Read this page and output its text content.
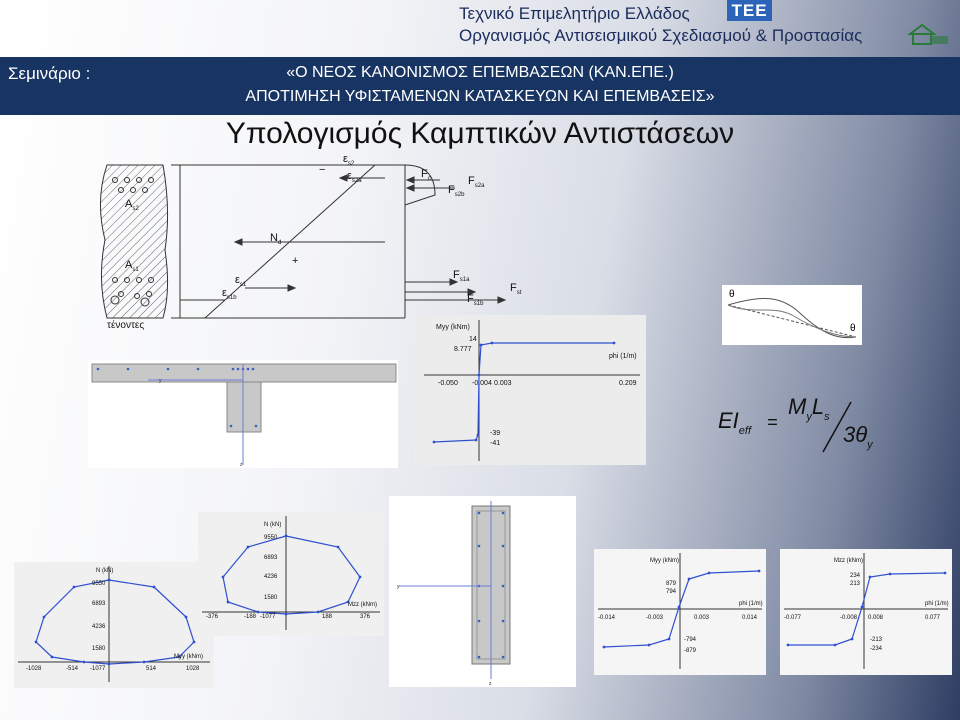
Τεχνικό Επιμελητήριο Ελλάδος ΤΕΕ
Οργανισμός Αντισεισμικού Σχεδιασμού & Προστασίας
Σεμινάριο :	«Ο ΝΕΟΣ ΚΑΝΟΝΙΣΜΟΣ ΕΠΕΜΒΑΣΕΩΝ (ΚΑΝ.ΕΠΕ.)
ΑΠΟΤΙΜΗΣΗ ΥΦΙΣΤΑΜΕΝΩΝ ΚΑΤΑΣΚΕΥΩΝ ΚΑΙ ΕΠΕΜΒΑΣΕΙΣ»
Υπολογισμός Καμπτικών Αντιστάσεων
$\varepsilon_{s2}$
− $\varepsilon_{s2a}$
$F_c$
$F_{s2b}$
$F_{s2a}$
$A_{s2}$
$N_d$
$A_{s1}$
+
$\varepsilon_{s1}$
$\varepsilon_{s1b}$
$F_{s1a}$
$F_{s1b}$
$F_{st}$
τένοντες
θ
θ
$EI_{eff}$ =
$M_yL_s$
$3\theta_y$
y
z
Myy (kNm)
phi (1/m)
14
8.777
-39
-41
-0.050 -0.004 0.003	0.209
N (kN)
Myy (kNm)
9550
6893
4236
1580
-1077
-1028	-514	514	1028
N (kN)
Mzz (kNm)
9550
6893
4236
1580
-1077
-376	-188	188	376
y
z
Myy (kNm)
phi (1/m)
879
794
-794
-879
-0.014	-0.003	0.003	0.014
Mzz (kNm)
phi (1/m)
234
213
-213
-234
-0.077	-0.008 0.008	0.077
